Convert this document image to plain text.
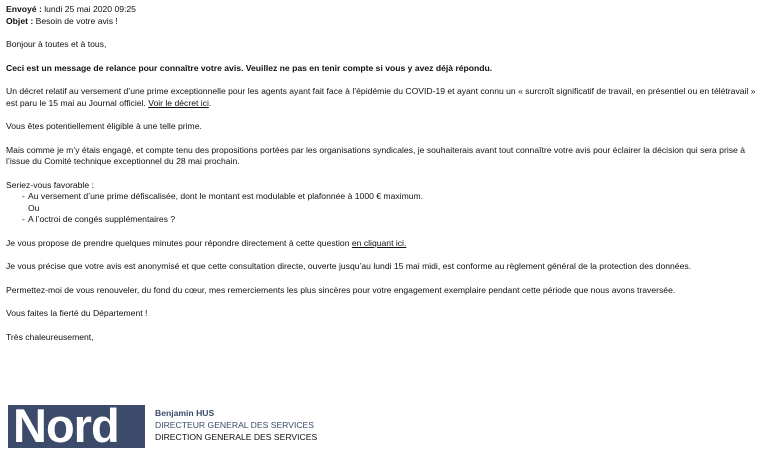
Envoyé : lundi 25 mai 2020 09:25
Objet : Besoin de votre avis !

Bonjour à toutes et à tous,

Ceci est un message de relance pour connaître votre avis. Veuillez ne pas en tenir compte si vous y avez déjà répondu.

Un décret relatif au versement d’une prime exceptionnelle pour les agents ayant fait face à l’épidémie du COVID-19 et ayant connu un « surcroît significatif de travail, en présentiel ou en télétravail » est paru le 15 mai au Journal officiel. Voir le décret ici.

Vous êtes potentiellement éligible à une telle prime.

Mais comme je m’y étais engagé, et compte tenu des propositions portées par les organisations syndicales, je souhaiterais avant tout connaître votre avis pour éclairer la décision qui sera prise à l’issue du Comité technique exceptionnel du 28 mai prochain.

Seriez-vous favorable :

- Au versement d’une prime défiscalisée, dont le montant est modulable et plafonnée à 1000 € maximum.
Ou
- A l’octroi de congés supplémentaires ?

Je vous propose de prendre quelques minutes pour répondre directement à cette question en cliquant ici.

Je vous précise que votre avis est anonymisé et que cette consultation directe, ouverte jusqu’au lundi 15 mai midi, est conforme au règlement général de la protection des données.

Permettez-moi de vous renouveler, du fond du cœur, mes remerciements les plus sincères pour votre engagement exemplaire pendant cette période que nous avons traversée.

Vous faites la fierté du Département !

Très chaleureusement,

Nord	Benjamin HUS
DIRECTEUR GENERAL DES SERVICES
DIRECTION GENERALE DES SERVICES
